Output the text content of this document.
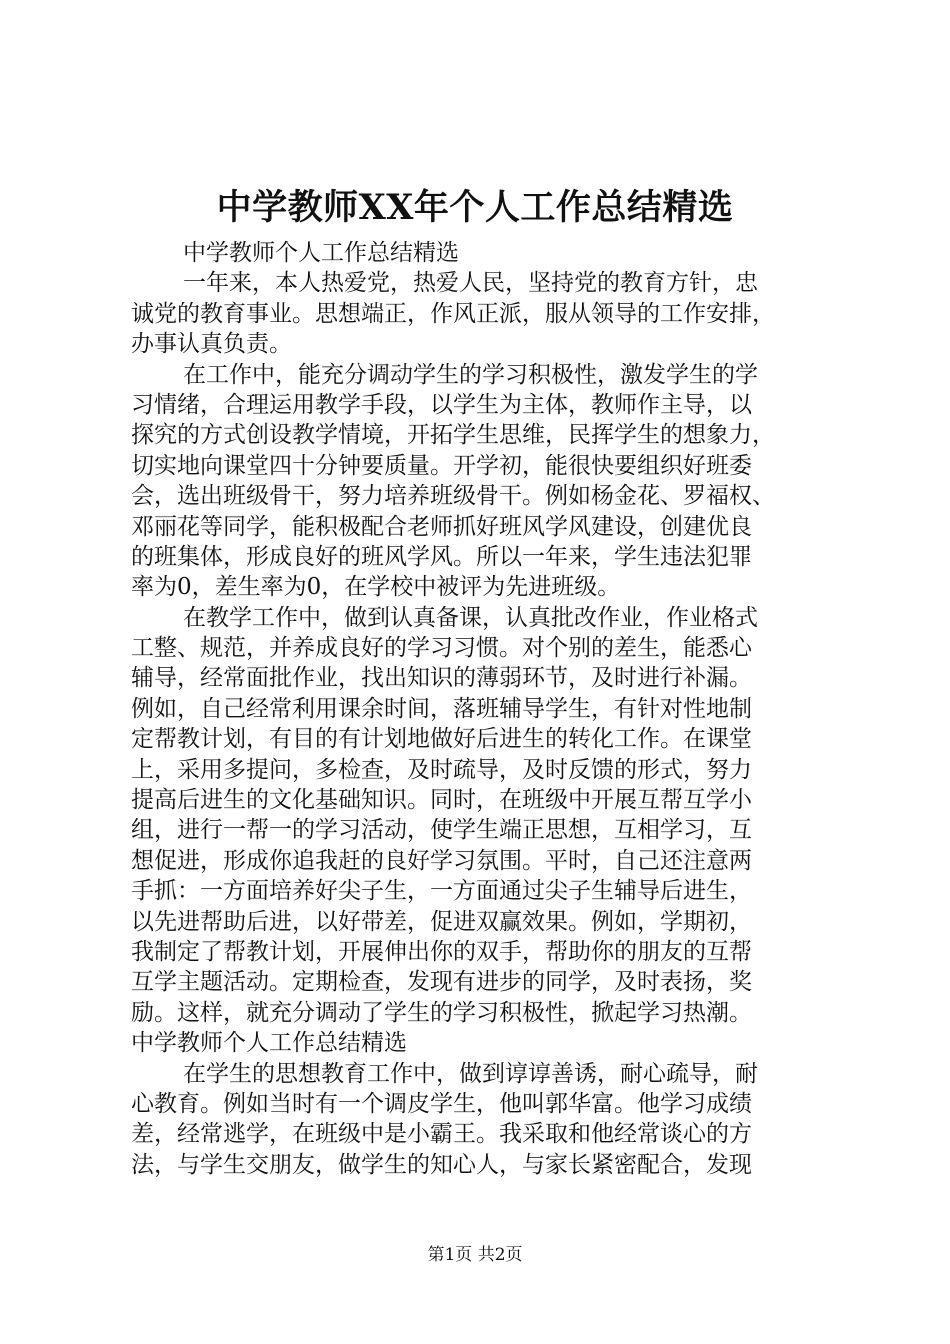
中学教师XX年个人工作总结精选
中学教师个人工作总结精选
一年来，本人热爱党，热爱人民，坚持党的教育方针，忠
诚党的教育事业。思想端正，作风正派，服从领导的工作安排，
办事认真负责。
在工作中，能充分调动学生的学习积极性，激发学生的学
习情绪，合理运用教学手段，以学生为主体，教师作主导，以
探究的方式创设教学情境，开拓学生思维，民挥学生的想象力，
切实地向课堂四十分钟要质量。开学初，能很快要组织好班委
会，选出班级骨干，努力培养班级骨干。例如杨金花、罗福权、
邓丽花等同学，能积极配合老师抓好班风学风建设，创建优良
的班集体，形成良好的班风学风。所以一年来，学生违法犯罪
率为0，差生率为0，在学校中被评为先进班级。
在教学工作中，做到认真备课，认真批改作业，作业格式
工整、规范，并养成良好的学习习惯。对个别的差生，能悉心
辅导，经常面批作业，找出知识的薄弱环节，及时进行补漏。
例如，自己经常利用课余时间，落班辅导学生，有针对性地制
定帮教计划，有目的有计划地做好后进生的转化工作。在课堂
上，采用多提问，多检查，及时疏导，及时反馈的形式，努力
提高后进生的文化基础知识。同时，在班级中开展互帮互学小
组，进行一帮一的学习活动，使学生端正思想，互相学习，互
想促进，形成你追我赶的良好学习氛围。平时，自己还注意两
手抓：一方面培养好尖子生，一方面通过尖子生辅导后进生，
以先进帮助后进，以好带差，促进双赢效果。例如，学期初，
我制定了帮教计划，开展伸出你的双手，帮助你的朋友的互帮
互学主题活动。定期检查，发现有进步的同学，及时表扬，奖
励。这样，就充分调动了学生的学习积极性，掀起学习热潮。
中学教师个人工作总结精选
在学生的思想教育工作中，做到谆谆善诱，耐心疏导，耐
心教育。例如当时有一个调皮学生，他叫郭华富。他学习成绩
差，经常逃学，在班级中是小霸王。我采取和他经常谈心的方
法，与学生交朋友，做学生的知心人，与家长紧密配合，发现
第1页 共2页
